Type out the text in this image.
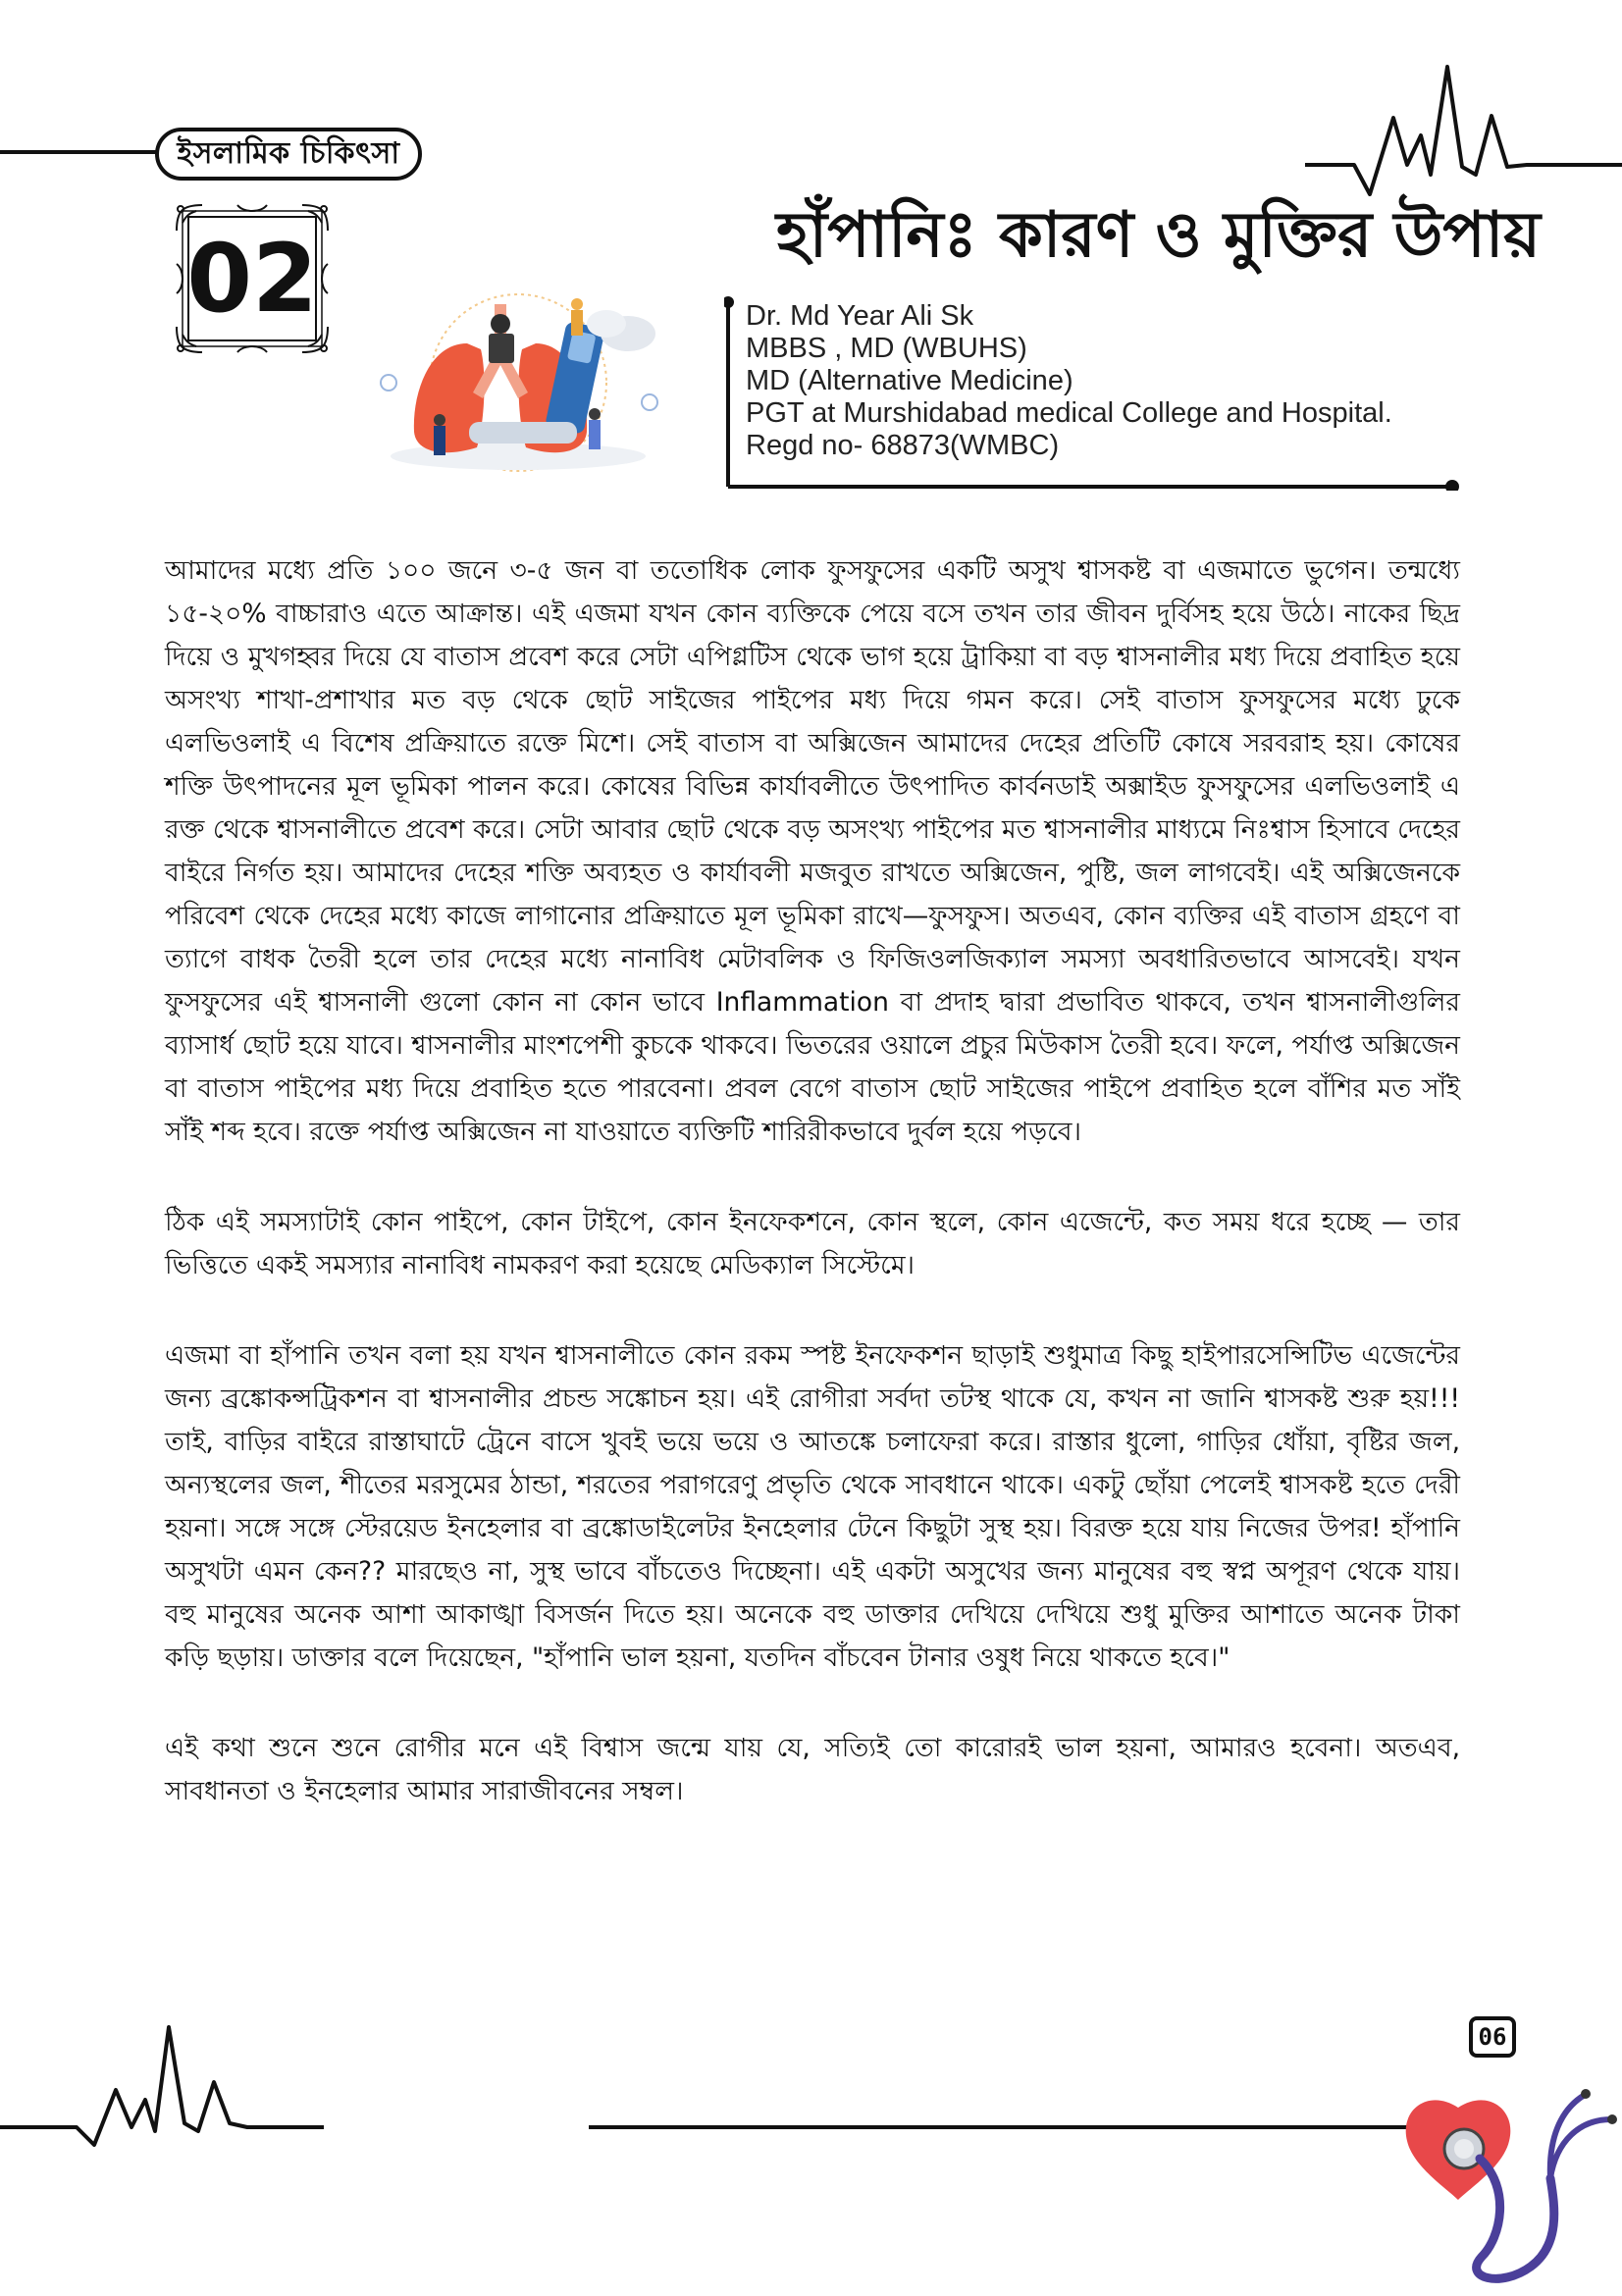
ইসলামিক চিকিৎসা
02	হাঁপানিঃ কারণ ও মুক্তির উপায়
Dr. Md Year Ali Sk
MBBS , MD (WBUHS)
MD (Alternative Medicine)
PGT at Murshidabad medical College and Hospital.
Regd no- 68873(WMBC)

আমাদের মধ্যে প্রতি ১০০ জনে ৩-৫ জন বা ততোধিক লোক ফুসফুসের একটি অসুখ শ্বাসকষ্ট বা এজমাতে ভুগেন। তন্মধ্যে ১৫-২০% বাচ্চারাও এতে আক্রান্ত। এই এজমা যখন কোন ব্যক্তিকে পেয়ে বসে তখন তার জীবন দুর্বিসহ হয়ে উঠে। নাকের ছিদ্র দিয়ে ও মুখগহ্বর দিয়ে যে বাতাস প্রবেশ করে সেটা এপিগ্লটিস থেকে ভাগ হয়ে ট্রাকিয়া বা বড় শ্বাসনালীর মধ্য দিয়ে প্রবাহিত হয়ে অসংখ্য শাখা-প্রশাখার মত বড় থেকে ছোট সাইজের পাইপের মধ্য দিয়ে গমন করে। সেই বাতাস ফুসফুসের মধ্যে ঢুকে এলভিওলাই এ বিশেষ প্রক্রিয়াতে রক্তে মিশে। সেই বাতাস বা অক্সিজেন আমাদের দেহের প্রতিটি কোষে সরবরাহ হয়। কোষের শক্তি উৎপাদনের মূল ভূমিকা পালন করে। কোষের বিভিন্ন কার্যাবলীতে উৎপাদিত কার্বনডাই অক্সাইড ফুসফুসের এলভিওলাই এ রক্ত থেকে শ্বাসনালীতে প্রবেশ করে। সেটা আবার ছোট থেকে বড় অসংখ্য পাইপের মত শ্বাসনালীর মাধ্যমে নিঃশ্বাস হিসাবে দেহের বাইরে নির্গত হয়। আমাদের দেহের শক্তি অব্যহত ও কার্যাবলী মজবুত রাখতে অক্সিজেন, পুষ্টি, জল লাগবেই। এই অক্সিজেনকে পরিবেশ থেকে দেহের মধ্যে কাজে লাগানোর প্রক্রিয়াতে মূল ভূমিকা রাখে—ফুসফুস। অতএব, কোন ব্যক্তির এই বাতাস গ্রহণে বা ত্যাগে বাধক তৈরী হলে তার দেহের মধ্যে নানাবিধ মেটাবলিক ও ফিজিওলজিক্যাল সমস্যা অবধারিতভাবে আসবেই। যখন ফুসফুসের এই শ্বাসনালী গুলো কোন না কোন ভাবে Inflammation বা প্রদাহ দ্বারা প্রভাবিত থাকবে, তখন শ্বাসনালীগুলির ব্যাসার্ধ ছোট হয়ে যাবে। শ্বাসনালীর মাংশপেশী কুচকে থাকবে। ভিতরের ওয়ালে প্রচুর মিউকাস তৈরী হবে। ফলে, পর্যাপ্ত অক্সিজেন বা বাতাস পাইপের মধ্য দিয়ে প্রবাহিত হতে পারবেনা। প্রবল বেগে বাতাস ছোট সাইজের পাইপে প্রবাহিত হলে বাঁশির মত সাঁই সাঁই শব্দ হবে। রক্তে পর্যাপ্ত অক্সিজেন না যাওয়াতে ব্যক্তিটি শারিরীকভাবে দুর্বল হয়ে পড়বে।

ঠিক এই সমস্যাটাই কোন পাইপে, কোন টাইপে, কোন ইনফেকশনে, কোন স্থলে, কোন এজেন্টে, কত সময় ধরে হচ্ছে — তার ভিত্তিতে একই সমস্যার নানাবিধ নামকরণ করা হয়েছে মেডিক্যাল সিস্টেমে।

এজমা বা হাঁপানি তখন বলা হয় যখন শ্বাসনালীতে কোন রকম স্পষ্ট ইনফেকশন ছাড়াই শুধুমাত্র কিছু হাইপারসেন্সিটিভ এজেন্টের জন্য ব্রঙ্কোকন্সট্রিকশন বা শ্বাসনালীর প্রচন্ড সঙ্কোচন হয়। এই রোগীরা সর্বদা তটস্থ থাকে যে, কখন না জানি শ্বাসকষ্ট শুরু হয়!!! তাই, বাড়ির বাইরে রাস্তাঘাটে ট্রেনে বাসে খুবই ভয়ে ভয়ে ও আতঙ্কে চলাফেরা করে। রাস্তার ধুলো, গাড়ির ধোঁয়া, বৃষ্টির জল, অন্যস্থলের জল, শীতের মরসুমের ঠান্ডা, শরতের পরাগরেণু প্রভৃতি থেকে সাবধানে থাকে। একটু ছোঁয়া পেলেই শ্বাসকষ্ট হতে দেরী হয়না। সঙ্গে সঙ্গে স্টেরয়েড ইনহেলার বা ব্রঙ্কোডাইলেটর ইনহেলার টেনে কিছুটা সুস্থ হয়। বিরক্ত হয়ে যায় নিজের উপর! হাঁপানি অসুখটা এমন কেন?? মারছেও না, সুস্থ ভাবে বাঁচতেও দিচ্ছেনা। এই একটা অসুখের জন্য মানুষের বহু স্বপ্ন অপূরণ থেকে যায়। বহু মানুষের অনেক আশা আকাঙ্খা বিসর্জন দিতে হয়। অনেকে বহু ডাক্তার দেখিয়ে দেখিয়ে শুধু মুক্তির আশাতে অনেক টাকা কড়ি ছড়ায়। ডাক্তার বলে দিয়েছেন, "হাঁপানি ভাল হয়না, যতদিন বাঁচবেন টানার ওষুধ নিয়ে থাকতে হবে।"

এই কথা শুনে শুনে রোগীর মনে এই বিশ্বাস জন্মে যায় যে, সত্যিই তো কারোরই ভাল হয়না, আমারও হবেনা। অতএব, সাবধানতা ও ইনহেলার আমার সারাজীবনের সম্বল।

06
